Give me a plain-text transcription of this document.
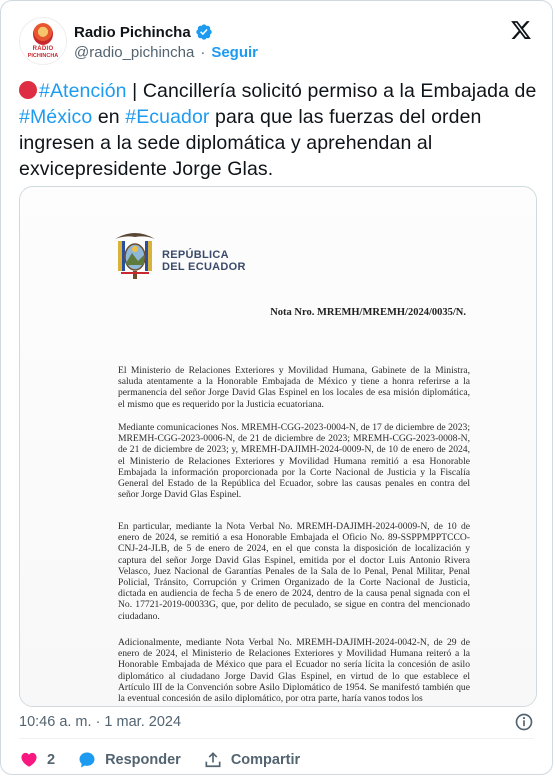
RADIO
PICHINCHA
Radio Pichincha
@radio_pichincha · Seguir
#Atención | Cancillería solicitó permiso a la Embajada de #México en #Ecuador para que las fuerzas del orden ingresen a la sede diplomática y aprehendan al exvicepresidente Jorge Glas.
REPÚBLICA
DEL ECUADOR
Nota Nro. MREMH/MREMH/2024/0035/N.
El Ministerio de Relaciones Exteriores y Movilidad Humana, Gabinete de la Ministra, saluda atentamente a la Honorable Embajada de México y tiene a honra referirse a la permanencia del señor Jorge David Glas Espinel en los locales de esa misión diplomática, el mismo que es requerido por la Justicia ecuatoriana.
Mediante comunicaciones Nos. MREMH-CGG-2023-0004-N, de 17 de diciembre de 2023; MREMH-CGG-2023-0006-N, de 21 de diciembre de 2023; MREMH-CGG-2023-0008-N, de 21 de diciembre de 2023; y, MREMH-DAJIMH-2024-0009-N, de 10 de enero de 2024, el Ministerio de Relaciones Exteriores y Movilidad Humana remitió a esa Honorable Embajada la información proporcionada por la Corte Nacional de Justicia y la Fiscalía General del Estado de la República del Ecuador, sobre las causas penales en contra del señor Jorge David Glas Espinel.
En particular, mediante la Nota Verbal No. MREMH-DAJIMH-2024-0009-N, de 10 de enero de 2024, se remitió a esa Honorable Embajada el Oficio No. 89-SSPPMPPTCCO-CNJ-24-JLB, de 5 de enero de 2024, en el que consta la disposición de localización y captura del señor Jorge David Glas Espinel, emitida por el doctor Luis Antonio Rivera Velasco, Juez Nacional de Garantías Penales de la Sala de lo Penal, Penal Militar, Penal Policial, Tránsito, Corrupción y Crimen Organizado de la Corte Nacional de Justicia, dictada en audiencia de fecha 5 de enero de 2024, dentro de la causa penal signada con el No. 17721-2019-00033G, que, por delito de peculado, se sigue en contra del mencionado ciudadano.
Adicionalmente, mediante Nota Verbal No. MREMH-DAJIMH-2024-0042-N, de 29 de enero de 2024, el Ministerio de Relaciones Exteriores y Movilidad Humana reiteró a la Honorable Embajada de México que para el Ecuador no sería lícita la concesión de asilo diplomático al ciudadano Jorge David Glas Espinel, en virtud de lo que establece el Artículo III de la Convención sobre Asilo Diplomático de 1954. Se manifestó también que la eventual concesión de asilo diplomático, por otra parte, haría vanos todos los
10:46 a. m. · 1 mar. 2024
2	Responder	Compartir
